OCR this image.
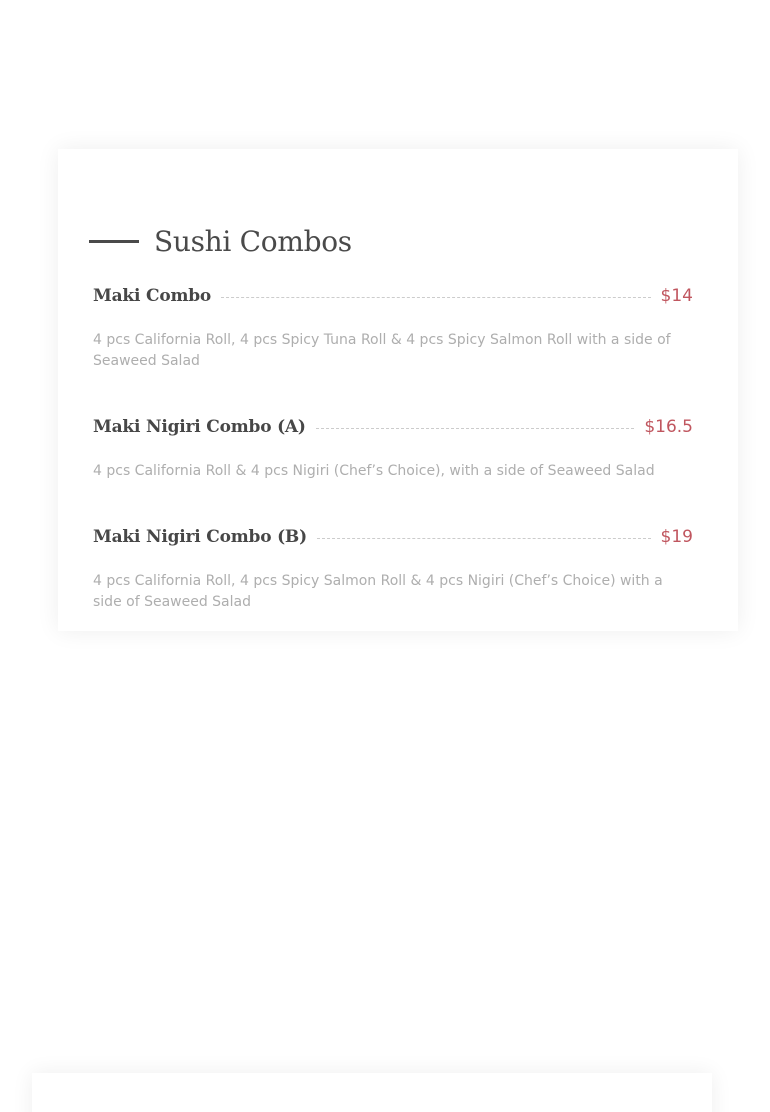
Sushi Combos
Maki Combo	$14
4 pcs California Roll, 4 pcs Spicy Tuna Roll & 4 pcs Spicy Salmon Roll with a side of Seaweed Salad
Maki Nigiri Combo (A)	$16.5
4 pcs California Roll & 4 pcs Nigiri (Chef’s Choice), with a side of Seaweed Salad
Maki Nigiri Combo (B)	$19
4 pcs California Roll, 4 pcs Spicy Salmon Roll & 4 pcs Nigiri (Chef’s Choice) with a side of Seaweed Salad
